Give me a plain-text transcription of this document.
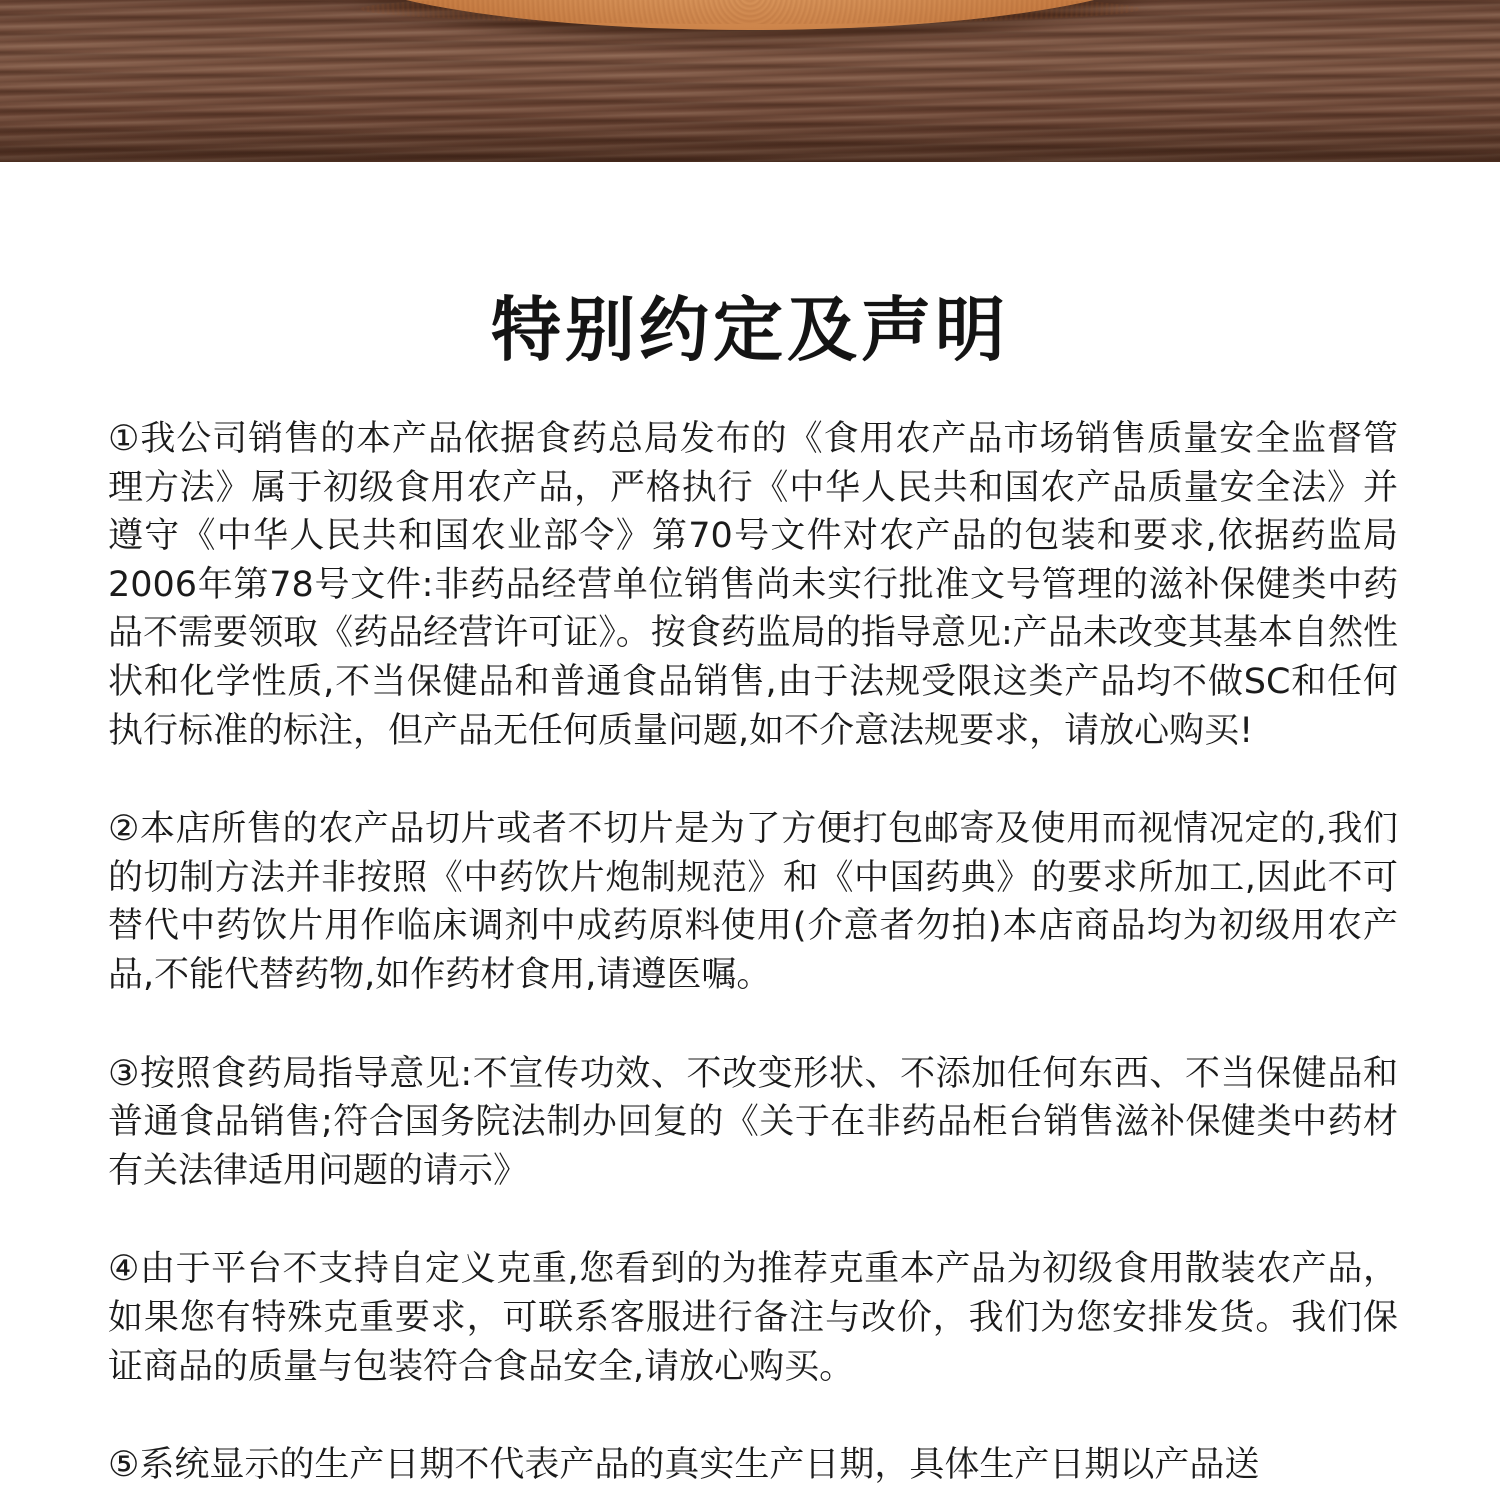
特别约定及声明

①我公司销售的本产品依据食药总局发布的《食用农产品市场销售质量安全监督管理方法》属于初级食用农产品，严格执行《中华人民共和国农产品质量安全法》并遵守《中华人民共和国农业部令》第70号文件对农产品的包装和要求,依据药监局2006年第78号文件:非药品经营单位销售尚未实行批准文号管理的滋补保健类中药品不需要领取《药品经营许可证》。按食药监局的指导意见:产品未改变其基本自然性状和化学性质,不当保健品和普通食品销售,由于法规受限这类产品均不做SC和任何执行标准的标注，但产品无任何质量问题,如不介意法规要求，请放心购买!

②本店所售的农产品切片或者不切片是为了方便打包邮寄及使用而视情况定的,我们的切制方法并非按照《中药饮片炮制规范》和《中国药典》的要求所加工,因此不可替代中药饮片用作临床调剂中成药原料使用(介意者勿拍)本店商品均为初级用农产品,不能代替药物,如作药材食用,请遵医嘱。

③按照食药局指导意见:不宣传功效、不改变形状、不添加任何东西、不当保健品和普通食品销售;符合国务院法制办回复的《关于在非药品柜台销售滋补保健类中药材有关法律适用问题的请示》

④由于平台不支持自定义克重,您看到的为推荐克重本产品为初级食用散装农产品，如果您有特殊克重要求，可联系客服进行备注与改价，我们为您安排发货。我们保证商品的质量与包装符合食品安全,请放心购买。

⑤系统显示的生产日期不代表产品的真实生产日期，具体生产日期以产品送
